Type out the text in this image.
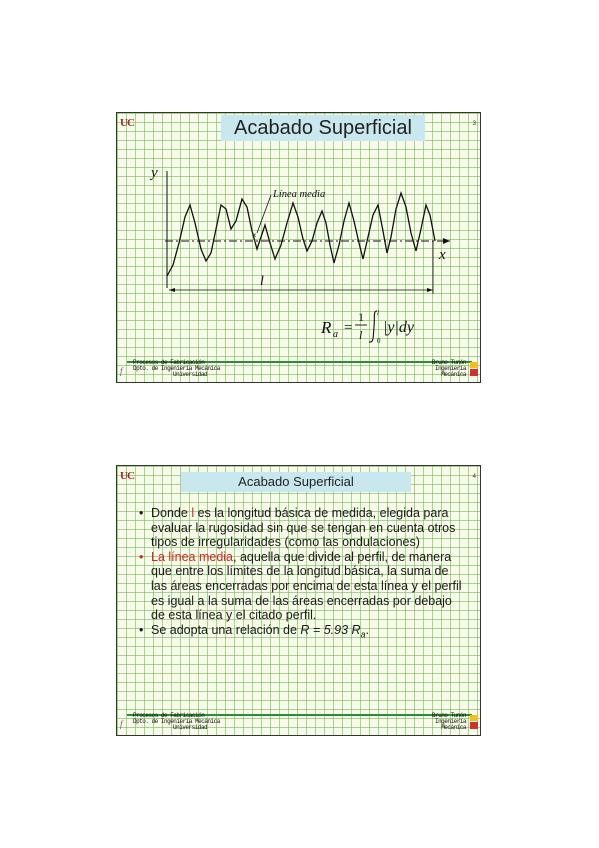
UC	Acabado Superficial	3
y
x
Línea media
l
x
R a =
1
l
l
0
|y|dy
f
Procesos de Fabricación
Dpto. de Ingeniería Mecánica
Universidad
Bruno Tunón
Ingeniería
Mecánica
UC	Acabado Superficial	4
• Donde l es la longitud básica de medida, elegida para evaluar la rugosidad sin que se tengan en cuenta otros tipos de irregularidades (como las ondulaciones)
• La línea media, aquella que divide al perfil, de manera que entre los límites de la longitud básica, la suma de las áreas encerradas por encima de esta línea y el perfil es igual a la suma de las áreas encerradas por debajo de esta línea y el citado perfil.
• Se adopta una relación de R = 5.93 $R_a$.
f
Procesos de Fabricación
Dpto. de Ingeniería Mecánica
Universidad
Bruno Tunón
Ingeniería
Mecánica
